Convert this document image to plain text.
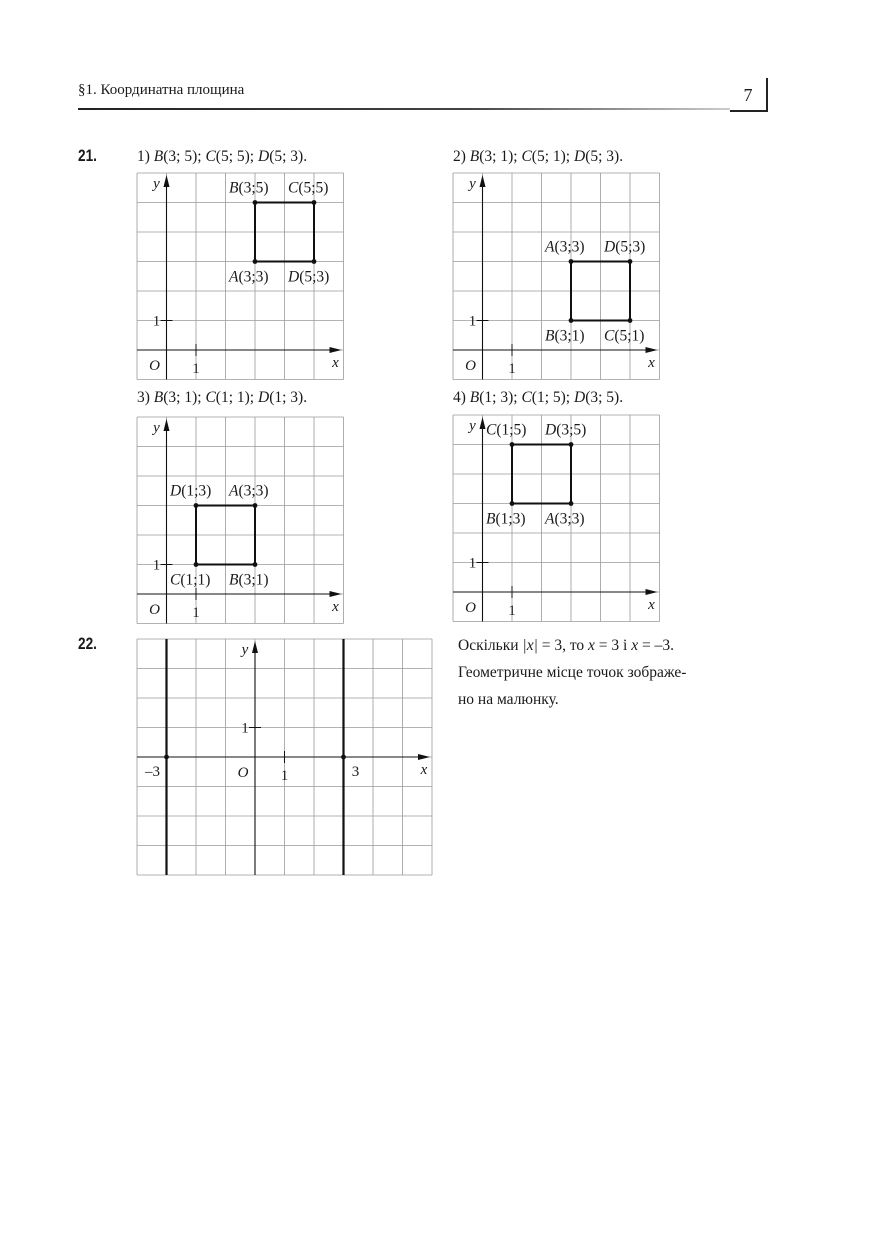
§1. Координатна площина	7
21.
22.
1) B(3; 5); C(5; 5); D(5; 3).	2) B(3; 1); C(5; 1); D(5; 3).
3) B(3; 1); C(1; 1); D(1; 3).	4) B(1; 3); C(1; 5); D(3; 5).
x
y
O 1
1
B(3;5) C(5;5)
A(3;3) D(5;3)
x
y
O 1
1
A(3;3) D(5;3)
B(3;1) C(5;1)
x
y
O 1
1
D(1;3) A(3;3)
C(1;1) B(3;1)
x
y
O 1
1
C(1;5) D(3;5)
B(1;3) A(3;3)
x
y
O 1
1
–3	3

Оскільки |x| = 3, то x = 3 і x = –3.

Геометричне місце точок зображе-

но на малюнку.
